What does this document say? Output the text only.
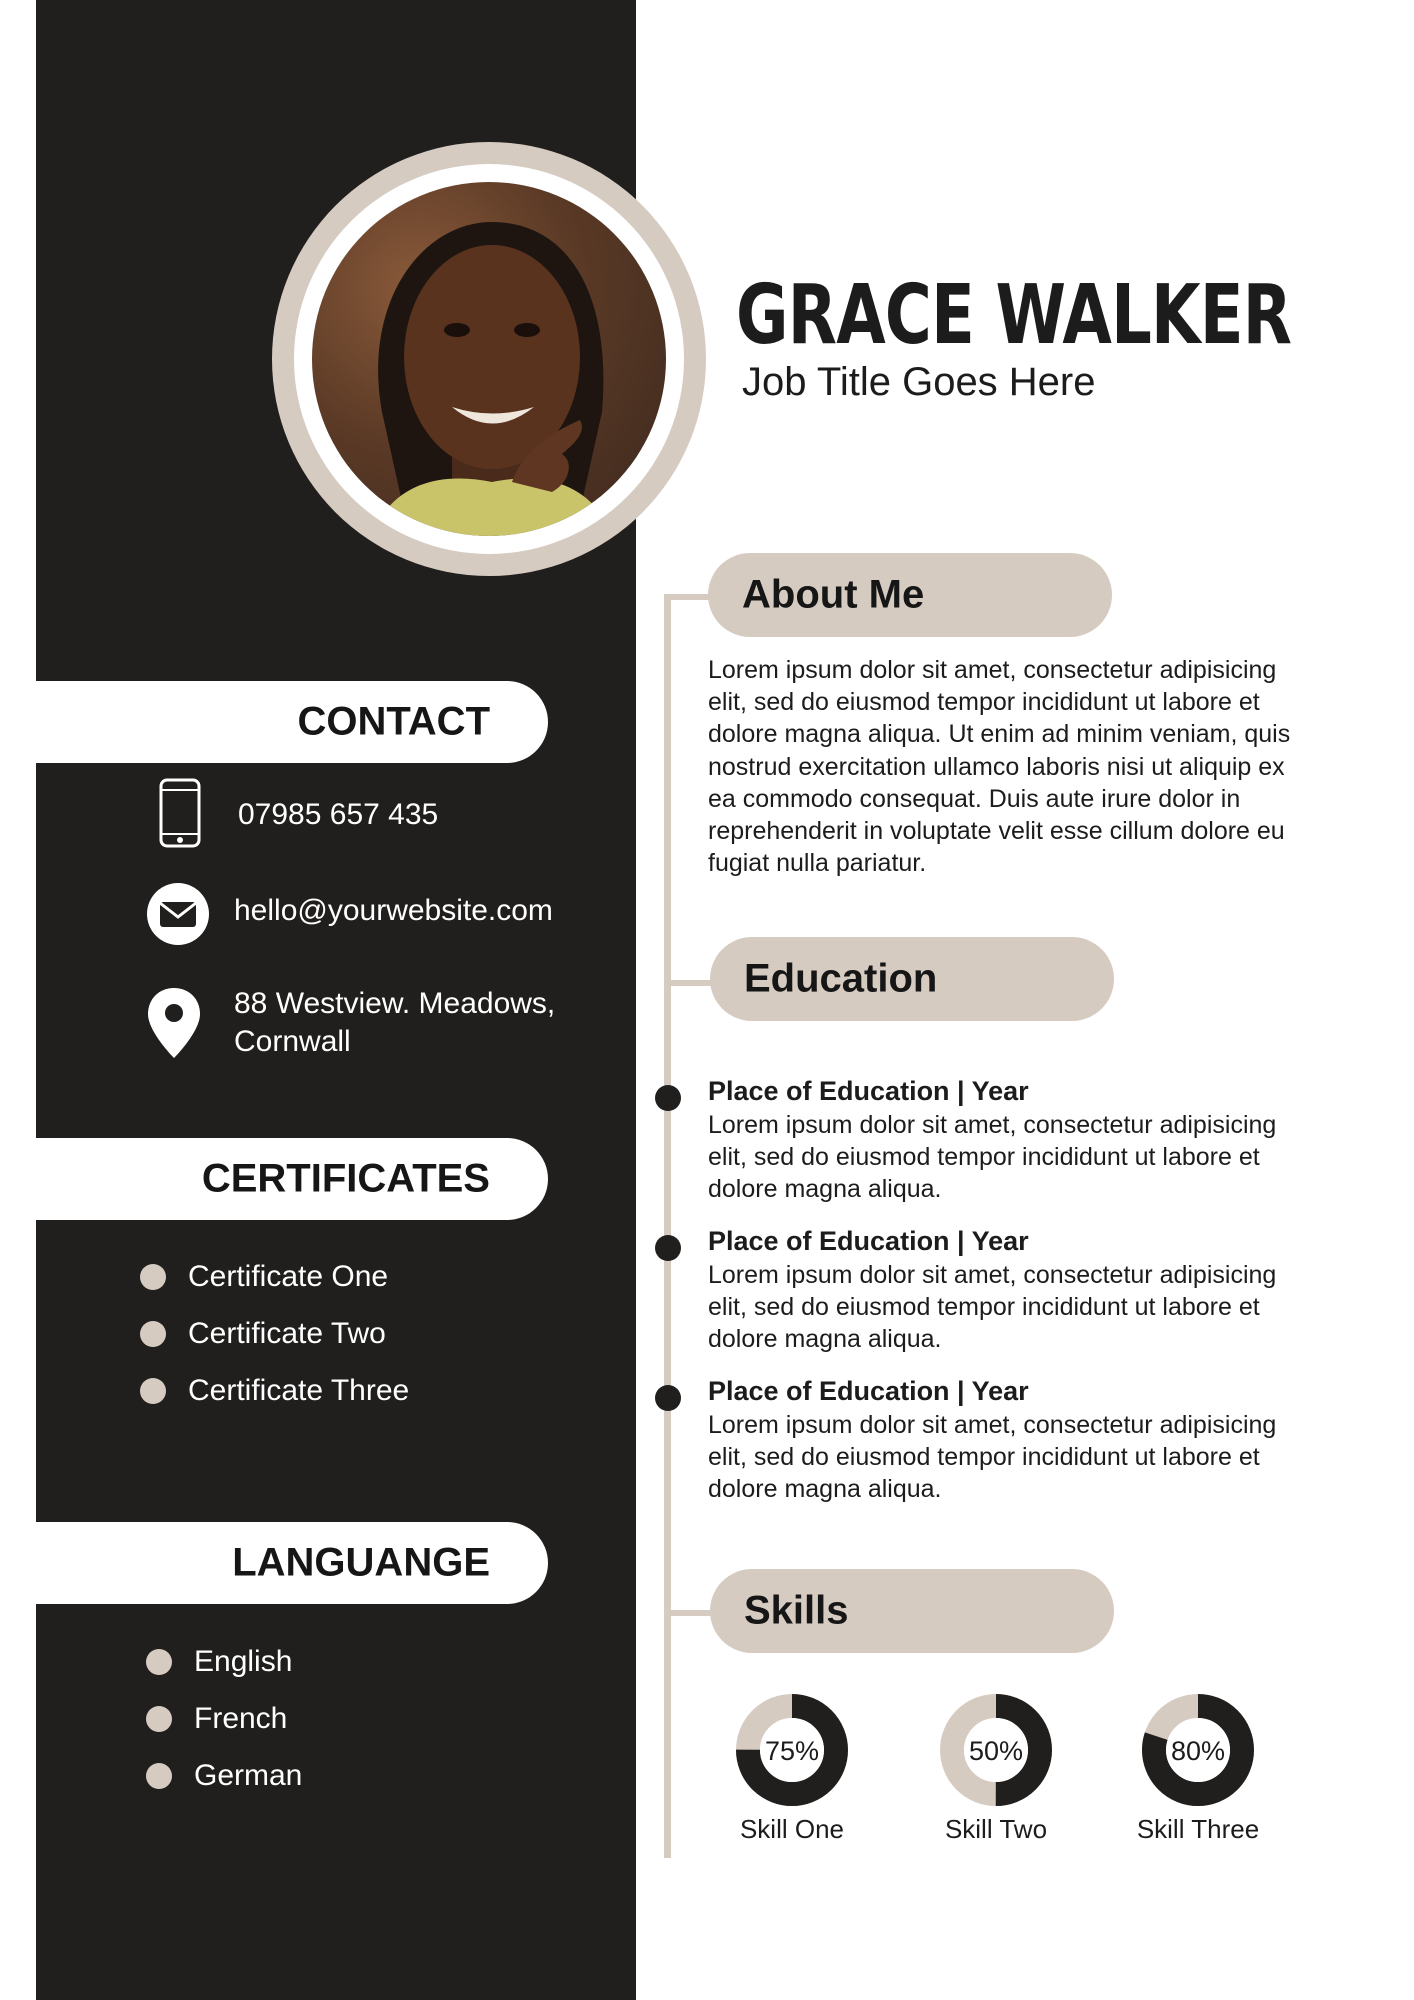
GRACE WALKER
Job Title Goes Here
CONTACT
07985 657 435
hello@yourwebsite.com
88 Westview. Meadows,
Cornwall
CERTIFICATES
Certificate One
Certificate Two
Certificate Three
LANGUANGE
English
French
German
About Me
Lorem ipsum dolor sit amet, consectetur adipisicing elit, sed do eiusmod tempor incididunt ut labore et dolore magna aliqua. Ut enim ad minim veniam, quis nostrud exercitation ullamco laboris nisi ut aliquip ex ea commodo consequat. Duis aute irure dolor in reprehenderit in voluptate velit esse cillum dolore eu fugiat nulla pariatur.
Education
Place of Education | Year
Lorem ipsum dolor sit amet, consectetur adipisicing elit, sed do eiusmod tempor incididunt ut labore et dolore magna aliqua.
Place of Education | Year
Lorem ipsum dolor sit amet, consectetur adipisicing elit, sed do eiusmod tempor incididunt ut labore et dolore magna aliqua.
Place of Education | Year
Lorem ipsum dolor sit amet, consectetur adipisicing elit, sed do eiusmod tempor incididunt ut labore et dolore magna aliqua.
Skills
75%
Skill One
50%
Skill Two
80%
Skill Three
